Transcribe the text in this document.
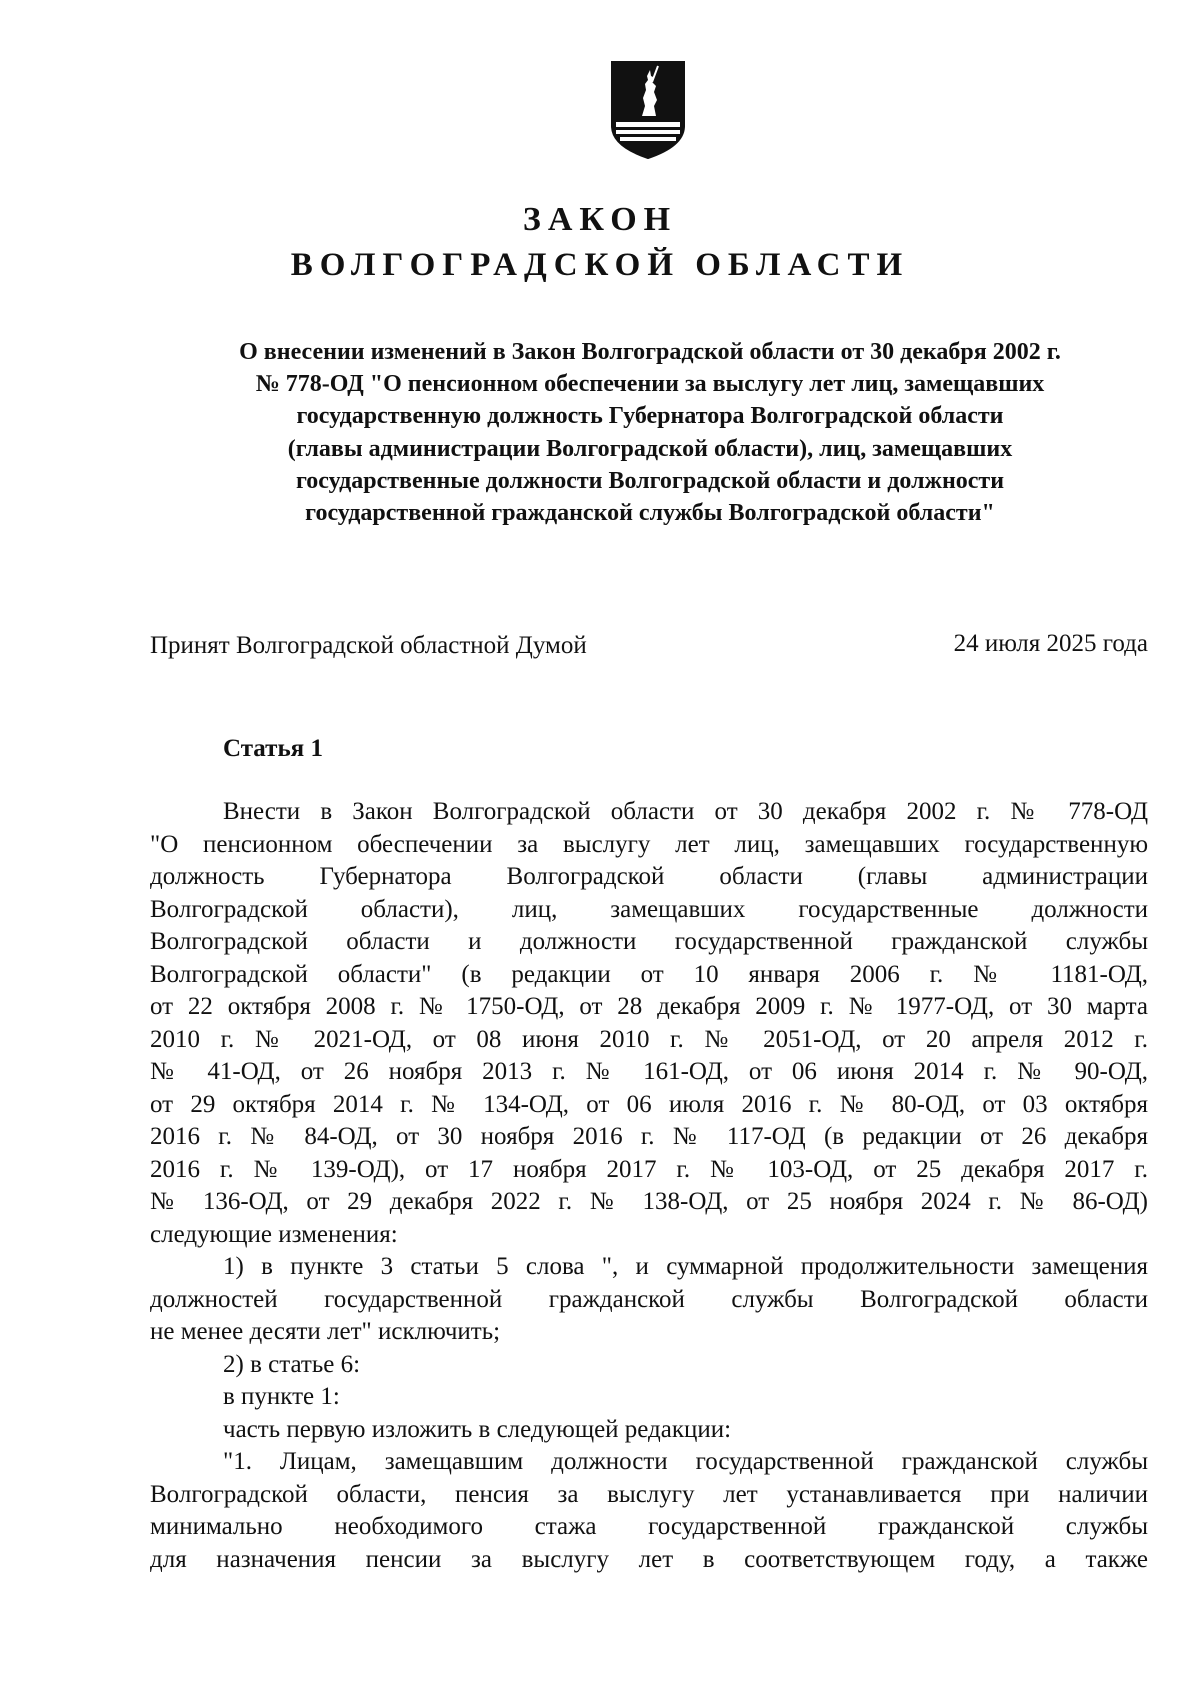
ЗАКОН
ВОЛГОГРАДСКОЙ ОБЛАСТИ
О внесении изменений в Закон Волгоградской области от 30 декабря 2002 г.
№ 778-ОД "О пенсионном обеспечении за выслугу лет лиц, замещавших
государственную должность Губернатора Волгоградской области
(главы администрации Волгоградской области), лиц, замещавших
государственные должности Волгоградской области и должности
государственной гражданской службы Волгоградской области"
Принят Волгоградской областной Думой	24 июля 2025 года
Статья 1
Внести в Закон Волгоградской области от 30 декабря 2002 г. № 778-ОД
"О пенсионном обеспечении за выслугу лет лиц, замещавших государственную
должность Губернатора Волгоградской области (главы администрации
Волгоградской области), лиц, замещавших государственные должности
Волгоградской области и должности государственной гражданской службы
Волгоградской области" (в редакции от 10 января 2006 г. № 1181-ОД,
от 22 октября 2008 г. № 1750-ОД, от 28 декабря 2009 г. № 1977-ОД, от 30 марта
2010 г. № 2021-ОД, от 08 июня 2010 г. № 2051-ОД, от 20 апреля 2012 г.
№ 41-ОД, от 26 ноября 2013 г. № 161-ОД, от 06 июня 2014 г. № 90-ОД,
от 29 октября 2014 г. № 134-ОД, от 06 июля 2016 г. № 80-ОД, от 03 октября
2016 г. № 84-ОД, от 30 ноября 2016 г. № 117-ОД (в редакции от 26 декабря
2016 г. № 139-ОД), от 17 ноября 2017 г. № 103-ОД, от 25 декабря 2017 г.
№ 136-ОД, от 29 декабря 2022 г. № 138-ОД, от 25 ноября 2024 г. № 86-ОД)
следующие изменения:
1) в пункте 3 статьи 5 слова ", и суммарной продолжительности замещения
должностей государственной гражданской службы Волгоградской области
не менее десяти лет" исключить;
2) в статье 6:
в пункте 1:
часть первую изложить в следующей редакции:
"1. Лицам, замещавшим должности государственной гражданской службы
Волгоградской области, пенсия за выслугу лет устанавливается при наличии
минимально необходимого стажа государственной гражданской службы
для назначения пенсии за выслугу лет в соответствующем году, а также
